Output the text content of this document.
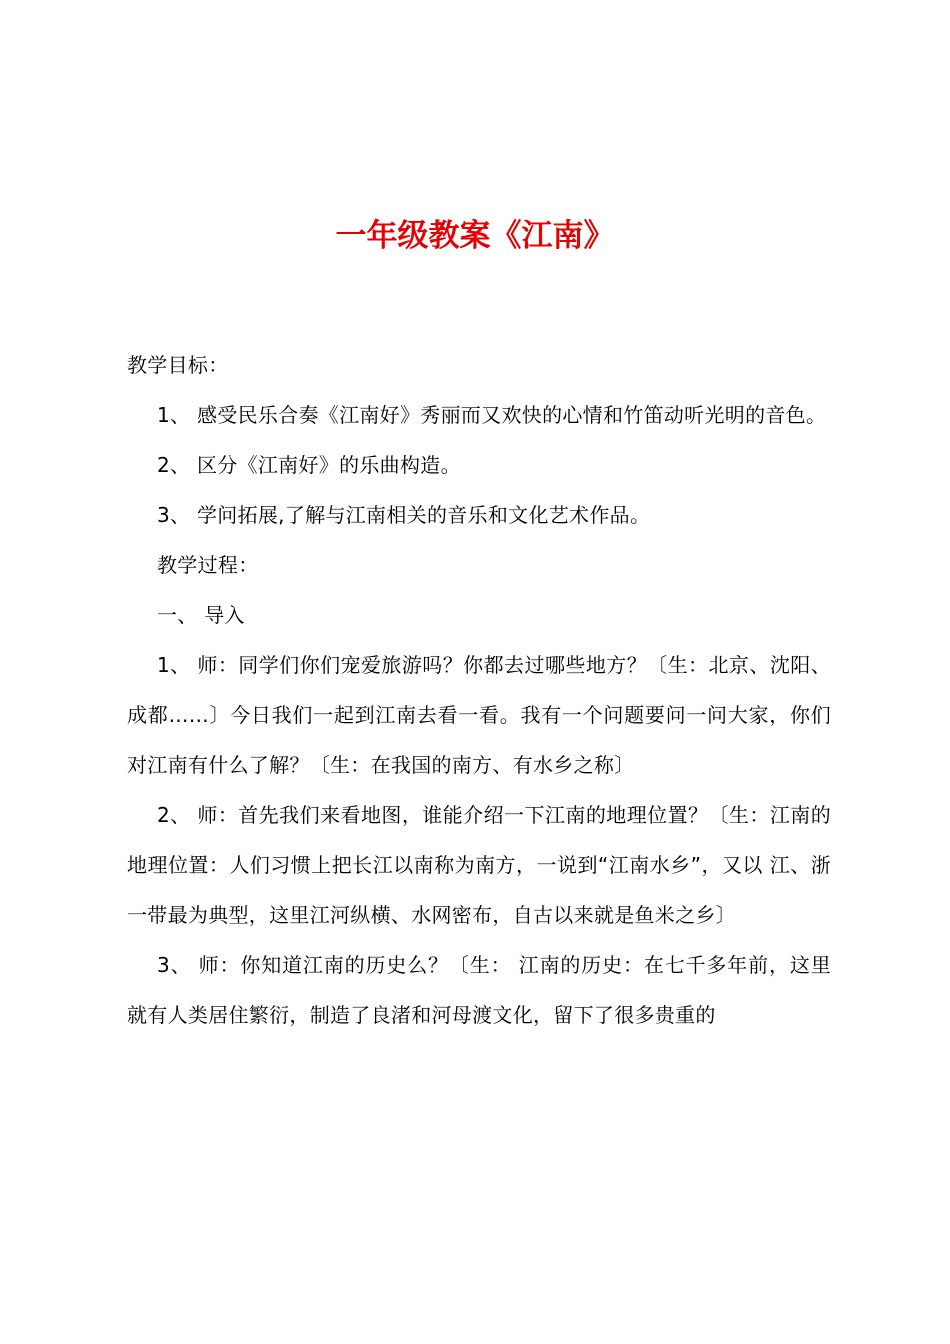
一年级教案《江南》

教学目标：

1、 感受民乐合奏《江南好》秀丽而又欢快的心情和竹笛动听光明的音色。

2、 区分《江南好》的乐曲构造。

3、 学问拓展,了解与江南相关的音乐和文化艺术作品。

教学过程：

一、 导入

1、 师：同学们你们宠爱旅游吗？你都去过哪些地方？〔生：北京、沈阳、成都……〕今日我们一起到江南去看一看。我有一个问题要问一问大家，你们对江南有什么了解？〔生：在我国的南方、有水乡之称〕

2、 师：首先我们来看地图，谁能介绍一下江南的地理位置？〔生：江南的地理位置：人们习惯上把长江以南称为南方，一说到“江南水乡”，又以 江、浙一带最为典型，这里江河纵横、水网密布，自古以来就是鱼米之乡〕

3、 师：你知道江南的历史么？〔生： 江南的历史：在七千多年前，这里就有人类居住繁衍，制造了良渚和河母渡文化，留下了很多贵重的
